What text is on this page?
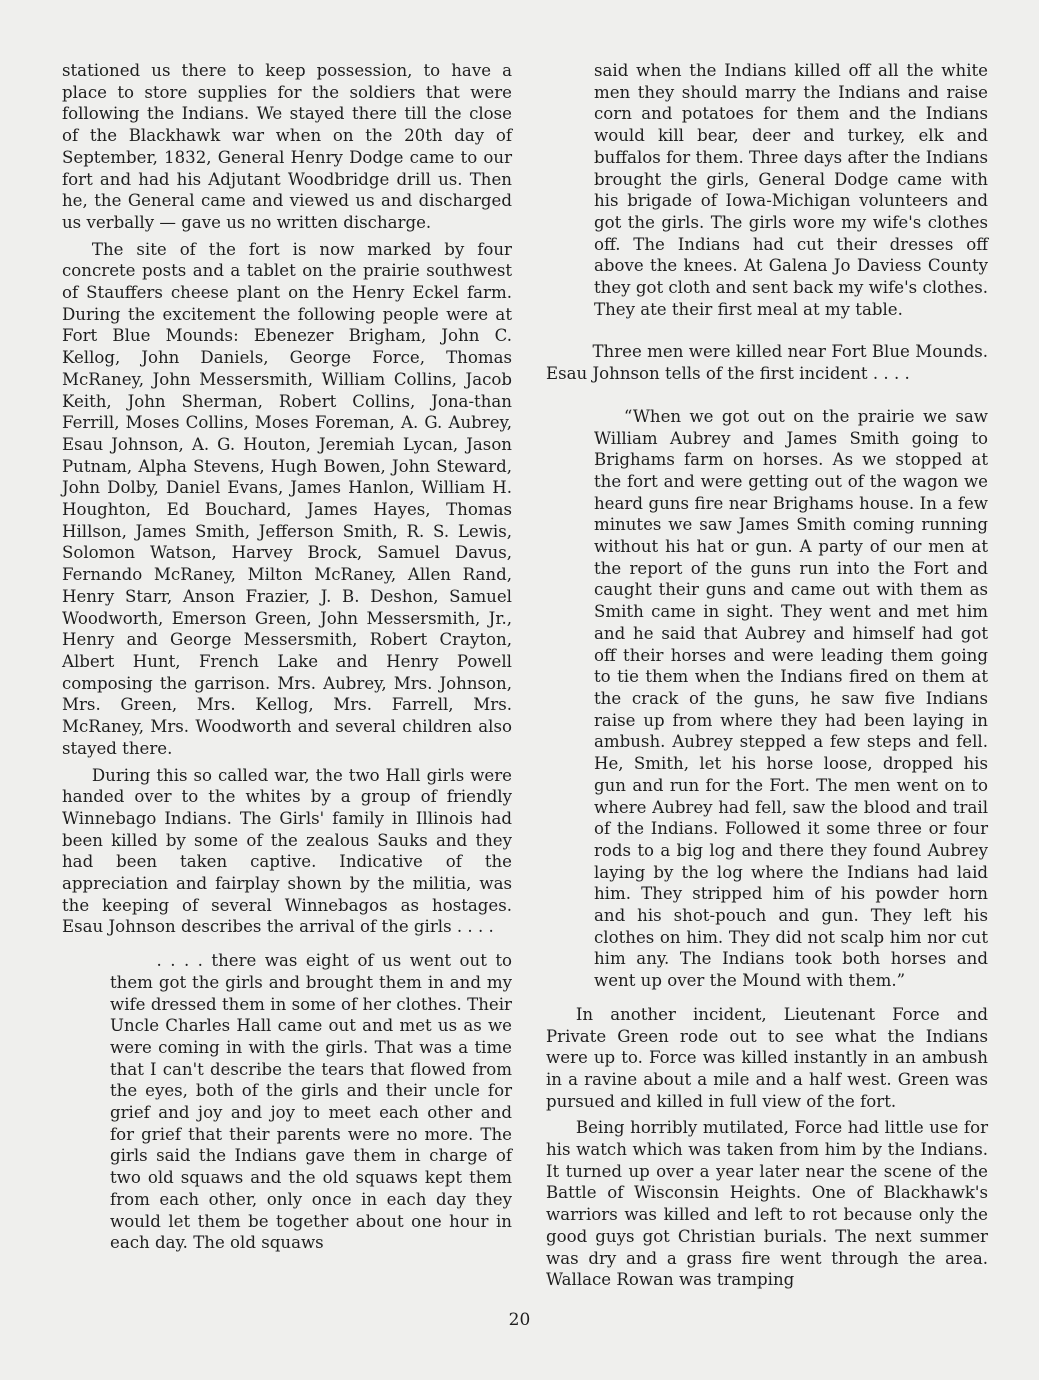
stationed us there to keep possession, to have a place to store supplies for the soldiers that were following the Indians. We stayed there till the close of the Blackhawk war when on the 20th day of September, 1832, General Henry Dodge came to our fort and had his Adjutant Woodbridge drill us. Then he, the General came and viewed us and discharged us verbally — gave us no written discharge.

The site of the fort is now marked by four concrete posts and a tablet on the prairie southwest of Stauffers cheese plant on the Henry Eckel farm. During the excitement the following people were at Fort Blue Mounds: Ebenezer Brigham, John C. Kellog, John Daniels, George Force, Thomas McRaney, John Messersmith, William Collins, Jacob Keith, John Sherman, Robert Collins, Jona-than Ferrill, Moses Collins, Moses Foreman, A. G. Aubrey, Esau Johnson, A. G. Houton, Jeremiah Lycan, Jason Putnam, Alpha Stevens, Hugh Bowen, John Steward, John Dolby, Daniel Evans, James Hanlon, William H. Houghton, Ed Bouchard, James Hayes, Thomas Hillson, James Smith, Jefferson Smith, R. S. Lewis, Solomon Watson, Harvey Brock, Samuel Davus, Fernando McRaney, Milton McRaney, Allen Rand, Henry Starr, Anson Frazier, J. B. Deshon, Samuel Woodworth, Emerson Green, John Messersmith, Jr., Henry and George Messersmith, Robert Crayton, Albert Hunt, French Lake and Henry Powell composing the garrison. Mrs. Aubrey, Mrs. Johnson, Mrs. Green, Mrs. Kellog, Mrs. Farrell, Mrs. McRaney, Mrs. Woodworth and several children also stayed there.

During this so called war, the two Hall girls were handed over to the whites by a group of friendly Winnebago Indians. The Girls' family in Illinois had been killed by some of the zealous Sauks and they had been taken captive. Indicative of the appreciation and fairplay shown by the militia, was the keeping of several Winnebagos as hostages. Esau Johnson describes the arrival of the girls . . . .

. . . . there was eight of us went out to them got the girls and brought them in and my wife dressed them in some of her clothes. Their Uncle Charles Hall came out and met us as we were coming in with the girls. That was a time that I can't describe the tears that flowed from the eyes, both of the girls and their uncle for grief and joy and joy to meet each other and for grief that their parents were no more. The girls said the Indians gave them in charge of two old squaws and the old squaws kept them from each other, only once in each day they would let them be together about one hour in each day. The old squaws

said when the Indians killed off all the white men they should marry the Indians and raise corn and potatoes for them and the Indians would kill bear, deer and turkey, elk and buffalos for them. Three days after the Indians brought the girls, General Dodge came with his brigade of Iowa-Michigan volunteers and got the girls. The girls wore my wife's clothes off. The Indians had cut their dresses off above the knees. At Galena Jo Daviess County they got cloth and sent back my wife's clothes. They ate their first meal at my table.

Three men were killed near Fort Blue Mounds. Esau Johnson tells of the first incident . . . .

“When we got out on the prairie we saw William Aubrey and James Smith going to Brighams farm on horses. As we stopped at the fort and were getting out of the wagon we heard guns fire near Brighams house. In a few minutes we saw James Smith coming running without his hat or gun. A party of our men at the report of the guns run into the Fort and caught their guns and came out with them as Smith came in sight. They went and met him and he said that Aubrey and himself had got off their horses and were leading them going to tie them when the Indians fired on them at the crack of the guns, he saw five Indians raise up from where they had been laying in ambush. Aubrey stepped a few steps and fell. He, Smith, let his horse loose, dropped his gun and run for the Fort. The men went on to where Aubrey had fell, saw the blood and trail of the Indians. Followed it some three or four rods to a big log and there they found Aubrey laying by the log where the Indians had laid him. They stripped him of his powder horn and his shot-pouch and gun. They left his clothes on him. They did not scalp him nor cut him any. The Indians took both horses and went up over the Mound with them.”

In another incident, Lieutenant Force and Private Green rode out to see what the Indians were up to. Force was killed instantly in an ambush in a ravine about a mile and a half west. Green was pursued and killed in full view of the fort.

Being horribly mutilated, Force had little use for his watch which was taken from him by the Indians. It turned up over a year later near the scene of the Battle of Wisconsin Heights. One of Blackhawk's warriors was killed and left to rot because only the good guys got Christian burials. The next summer was dry and a grass fire went through the area. Wallace Rowan was tramping

20
